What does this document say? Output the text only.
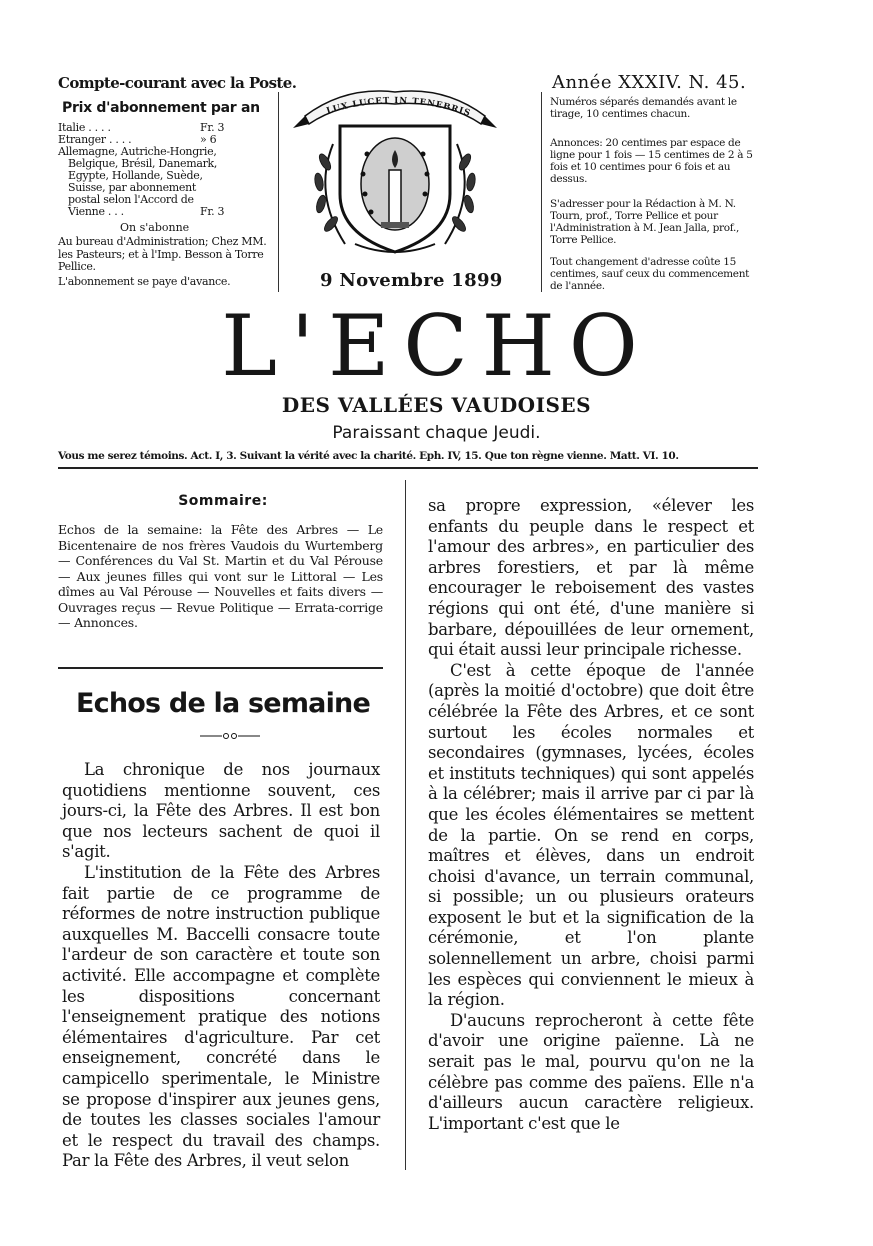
Compte-courant avec la Poste.
Prix d'abonnement par an
Italie . . . .	Fr. 3
Etranger . . . .	» 6
Allemagne, Autriche-Hongrie,
Belgique, Brésil, Danemark,
Egypte, Hollande, Suède,
Suisse, par abonnement
postal selon l'Accord de
Vienne . . .	Fr. 3
On s'abonne
Au bureau d'Administration; Chez MM. les Pasteurs; et à l'Imp. Besson à Torre Pellice.
L'abonnement se paye d'avance.
Année XXXIV. N. 45.
Numéros séparés demandés avant le tirage, 10 centimes chacun.
Annonces: 20 centimes par espace de ligne pour 1 fois — 15 centimes de 2 à 5 fois et 10 centimes pour 6 fois et au dessus.
S'adresser pour la Rédaction à M. N. Tourn, prof., Torre Pellice et pour l'Administration à M. Jean Jalla, prof., Torre Pellice.
Tout changement d'adresse coûte 15 centimes, sauf ceux du commencement de l'année.
LUX LUCET IN TENEBRIS
9 Novembre 1899
L'ECHO
DES VALLÉES VAUDOISES
Paraissant chaque Jeudi.
Vous me serez témoins. Act. I, 3. Suivant la vérité avec la charité. Eph. IV, 15. Que ton règne vienne. Matt. VI. 10.
Sommaire:
Echos de la semaine: la Fête des Arbres — Le Bicentenaire de nos frères Vaudois du Wurtemberg — Conférences du Val St. Martin et du Val Pérouse — Aux jeunes filles qui vont sur le Littoral — Les dîmes au Val Pérouse — Nouvelles et faits divers — Ouvrages reçus — Revue Politique — Errata-corrige — Annonces.
Echos de la semaine

La chronique de nos journaux quotidiens mentionne souvent, ces jours-ci, la Fête des Arbres. Il est bon que nos lecteurs sachent de quoi il s'agit.

L'institution de la Fête des Arbres fait partie de ce programme de réformes de notre instruction publique auxquelles M. Baccelli consacre toute l'ardeur de son caractère et toute son activité. Elle accompagne et complète les dispositions concernant l'enseignement pratique des notions élémentaires d'agriculture. Par cet enseignement, concrété dans le campicello sperimentale, le Ministre se propose d'inspirer aux jeunes gens, de toutes les classes sociales l'amour et le respect du travail des champs. Par la Fête des Arbres, il veut selon

sa propre expression, «élever les enfants du peuple dans le respect et l'amour des arbres», en particulier des arbres forestiers, et par là même encourager le reboisement des vastes régions qui ont été, d'une manière si barbare, dépouillées de leur ornement, qui était aussi leur principale richesse.

C'est à cette époque de l'année (après la moitié d'octobre) que doit être célébrée la Fête des Arbres, et ce sont surtout les écoles normales et secondaires (gymnases, lycées, écoles et instituts techniques) qui sont appelés à la célébrer; mais il arrive par ci par là que les écoles élémentaires se mettent de la partie. On se rend en corps, maîtres et élèves, dans un endroit choisi d'avance, un terrain communal, si possible; un ou plusieurs orateurs exposent le but et la signification de la cérémonie, et l'on plante solennellement un arbre, choisi parmi les espèces qui conviennent le mieux à la région.

D'aucuns reprocheront à cette fête d'avoir une origine païenne. Là ne serait pas le mal, pourvu qu'on ne la célèbre pas comme des païens. Elle n'a d'ailleurs aucun caractère religieux. L'important c'est que le
